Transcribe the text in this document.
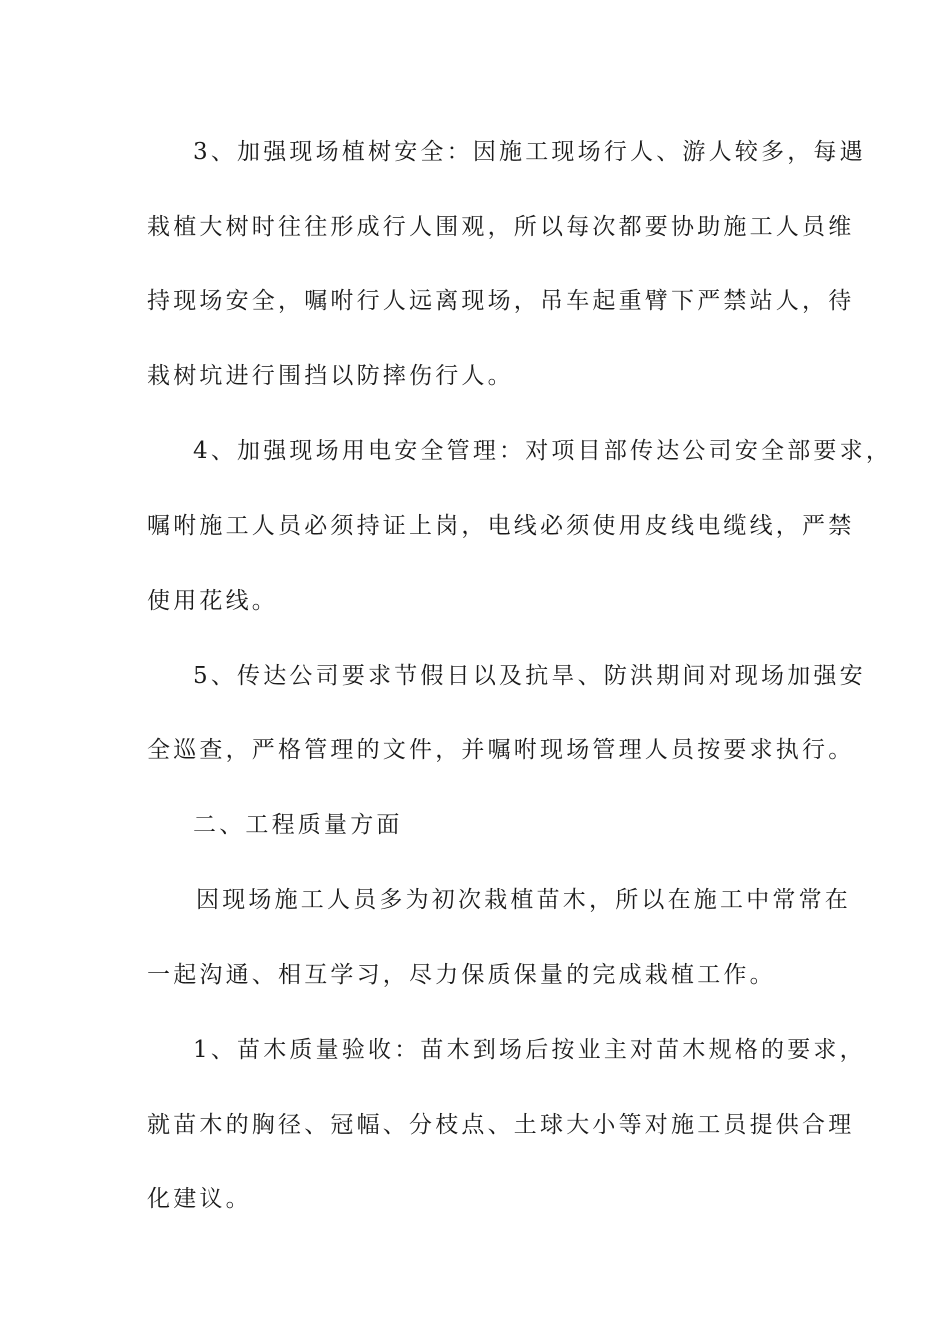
3、加强现场植树安全：因施工现场行人、游人较多，每遇
栽植大树时往往形成行人围观，所以每次都要协助施工人员维
持现场安全，嘱咐行人远离现场，吊车起重臂下严禁站人，待
栽树坑进行围挡以防摔伤行人。
4、加强现场用电安全管理：对项目部传达公司安全部要求，
嘱咐施工人员必须持证上岗，电线必须使用皮线电缆线，严禁
使用花线。
5、传达公司要求节假日以及抗旱、防洪期间对现场加强安
全巡查，严格管理的文件，并嘱咐现场管理人员按要求执行。
二、工程质量方面
因现场施工人员多为初次栽植苗木，所以在施工中常常在
一起沟通、相互学习，尽力保质保量的完成栽植工作。
1、苗木质量验收：苗木到场后按业主对苗木规格的要求，
就苗木的胸径、冠幅、分枝点、土球大小等对施工员提供合理
化建议。
